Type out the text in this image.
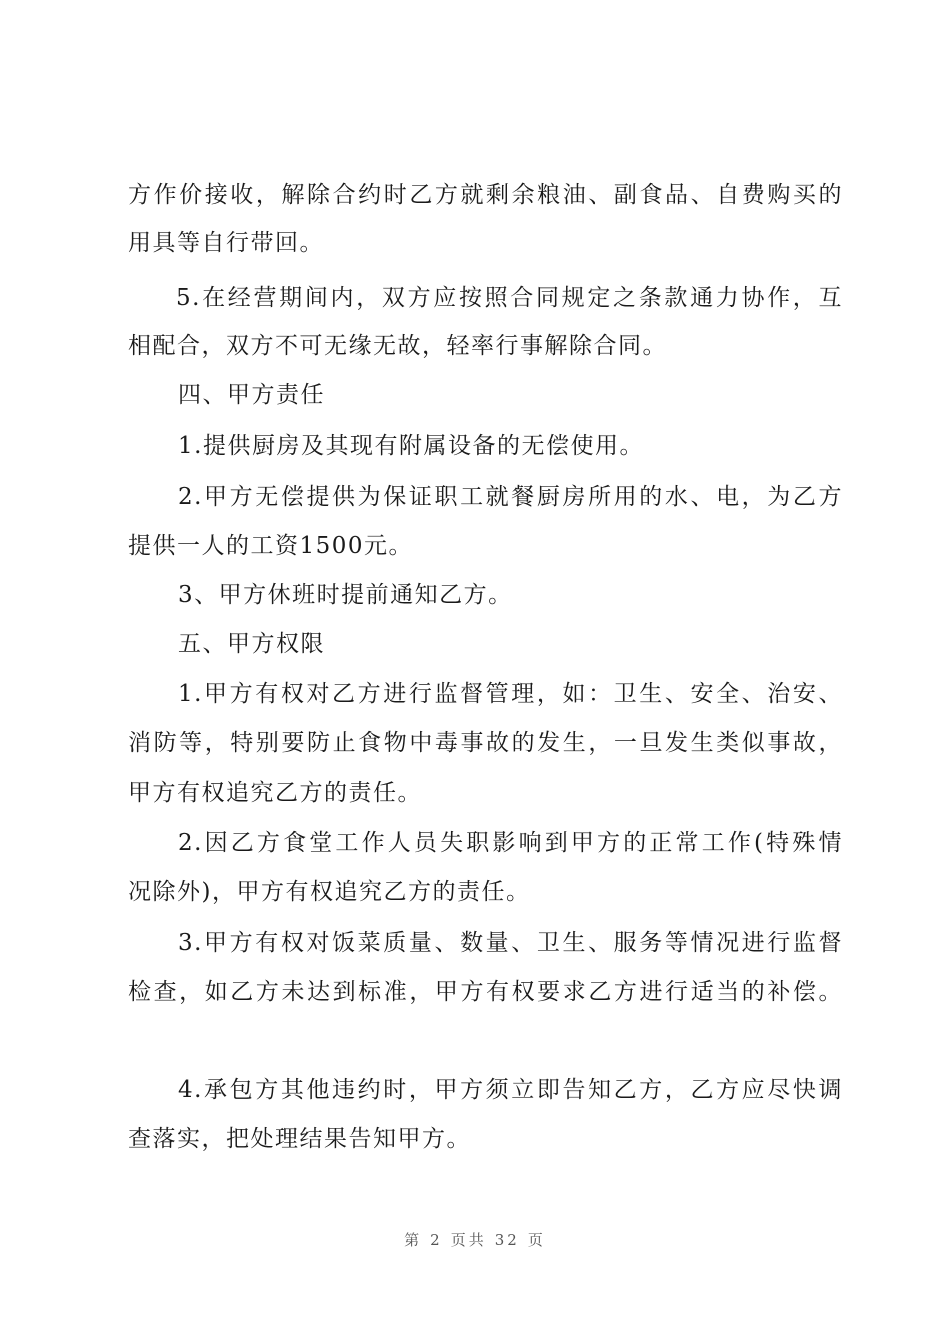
方作价接收，解除合约时乙方就剩余粮油、副食品、自费购买的
用具等自行带回。
5.在经营期间内，双方应按照合同规定之条款通力协作，互
相配合，双方不可无缘无故，轻率行事解除合同。
四、甲方责任
1.提供厨房及其现有附属设备的无偿使用。
2.甲方无偿提供为保证职工就餐厨房所用的水、电，为乙方
提供一人的工资1500元。
3、甲方休班时提前通知乙方。
五、甲方权限
1.甲方有权对乙方进行监督管理，如：卫生、安全、治安、
消防等，特别要防止食物中毒事故的发生，一旦发生类似事故，
甲方有权追究乙方的责任。
2.因乙方食堂工作人员失职影响到甲方的正常工作(特殊情
况除外)，甲方有权追究乙方的责任。
3.甲方有权对饭菜质量、数量、卫生、服务等情况进行监督
检查，如乙方未达到标准，甲方有权要求乙方进行适当的补偿。
4.承包方其他违约时，甲方须立即告知乙方，乙方应尽快调
查落实，把处理结果告知甲方。
第 2 页共 32 页
